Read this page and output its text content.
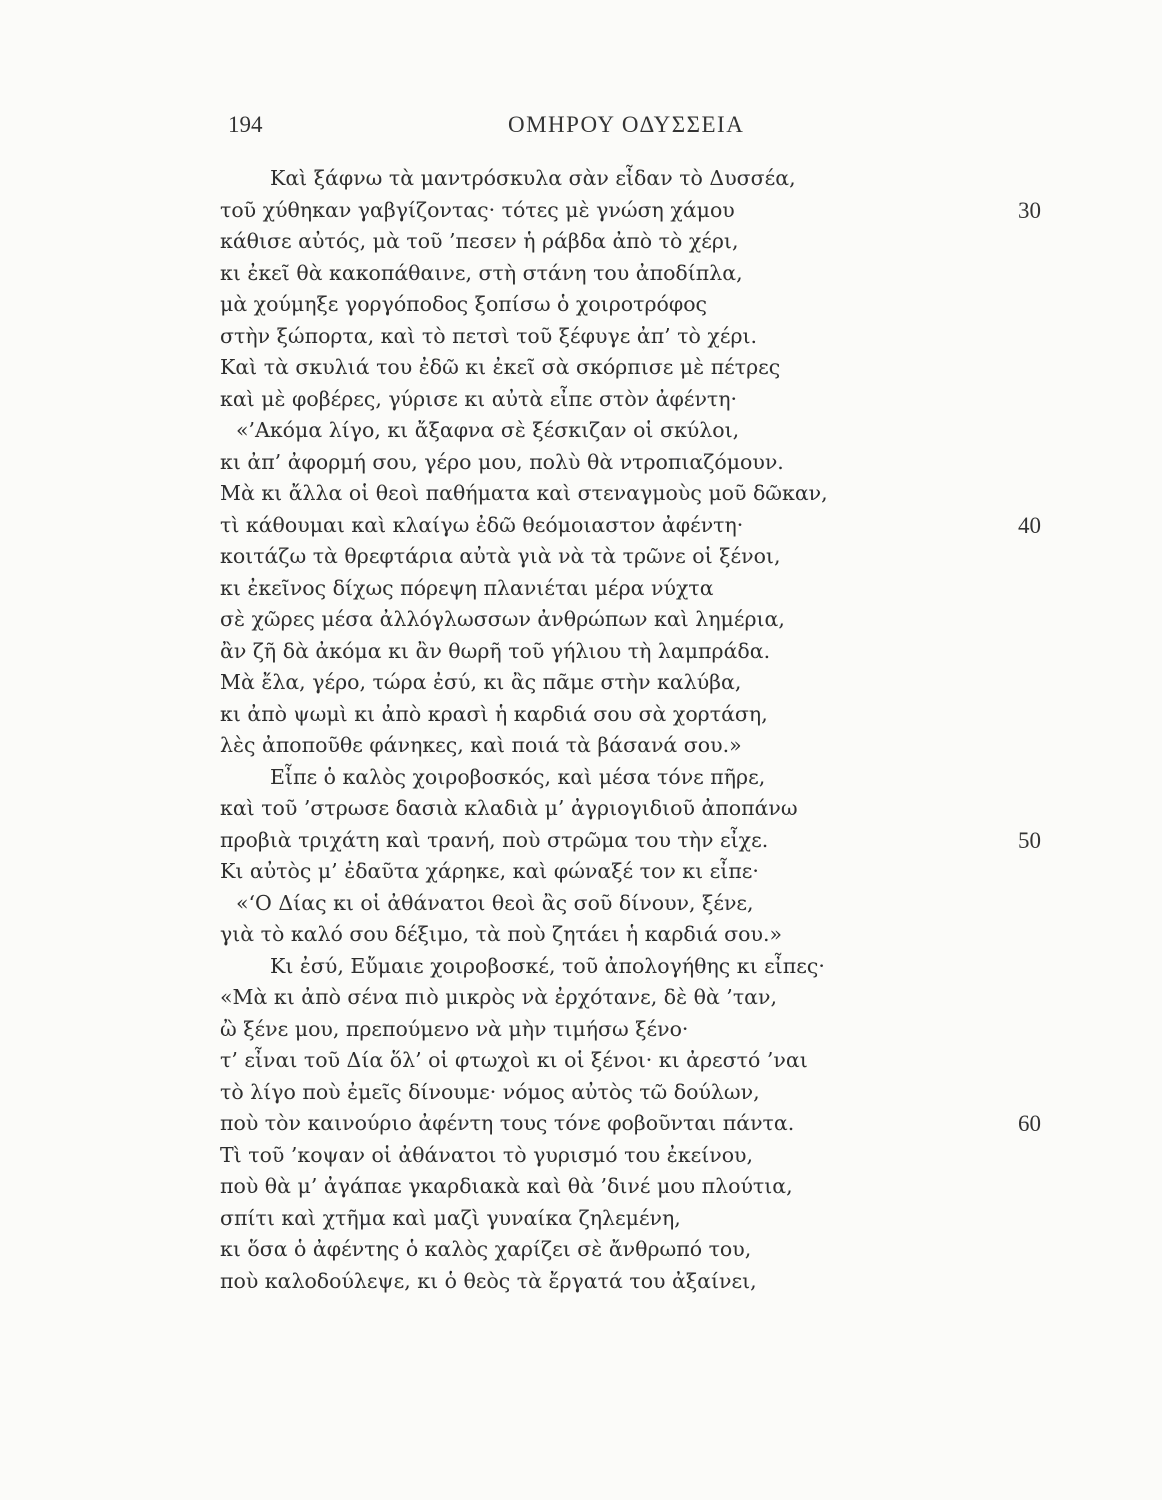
194	ΟΜΗΡΟΥ ΟΔΥΣΣΕΙΑ
Καὶ ξάφνω τὰ μαντρόσκυλα σὰν εἶδαν τὸ Δυσσέα,
τοῦ χύθηκαν γαβγίζοντας· τότες μὲ γνώση χάμου	30
κάθισε αὐτός, μὰ τοῦ ’πεσεν ἡ ράβδα ἀπὸ τὸ χέρι,
κι ἐκεῖ θὰ κακοπάθαινε, στὴ στάνη του ἀποδίπλα,
μὰ χούμηξε γοργόποδος ξοπίσω ὁ χοιροτρόφος
στὴν ξώπορτα, καὶ τὸ πετσὶ τοῦ ξέφυγε ἀπ’ τὸ χέρι.
Καὶ τὰ σκυλιά του ἐδῶ κι ἐκεῖ σὰ σκόρπισε μὲ πέτρες
καὶ μὲ φοβέρες, γύρισε κι αὐτὰ εἶπε στὸν ἀφέντη·
«’Ακόμα λίγο, κι ἄξαφνα σὲ ξέσκιζαν οἱ σκύλοι,
κι ἀπ’ ἀφορμή σου, γέρο μου, πολὺ θὰ ντροπιαζόμουν.
Μὰ κι ἄλλα οἱ θεοὶ παθήματα καὶ στεναγμοὺς μοῦ δῶκαν,
τὶ κάθουμαι καὶ κλαίγω ἐδῶ θεόμοιαστον ἀφέντη·	40
κοιτάζω τὰ θρεφτάρια αὐτὰ γιὰ νὰ τὰ τρῶνε οἱ ξένοι,
κι ἐκεῖνος δίχως πόρεψη πλανιέται μέρα νύχτα
σὲ χῶρες μέσα ἀλλόγλωσσων ἀνθρώπων καὶ λημέρια,
ἂν ζῆ δὰ ἀκόμα κι ἂν θωρῆ τοῦ γήλιου τὴ λαμπράδα.
Μὰ ἔλα, γέρο, τώρα ἐσύ, κι ἂς πᾶμε στὴν καλύβα,
κι ἀπὸ ψωμὶ κι ἀπὸ κρασὶ ἡ καρδιά σου σὰ χορτάση,
λὲς ἀποποῦθε φάνηκες, καὶ ποιά τὰ βάσανά σου.»
Εἶπε ὁ καλὸς χοιροβοσκός, καὶ μέσα τόνε πῆρε,
καὶ τοῦ ’στρωσε δασιὰ κλαδιὰ μ’ ἀγριογιδιοῦ ἀποπάνω
προβιὰ τριχάτη καὶ τρανή, ποὺ στρῶμα του τὴν εἶχε.	50
Κι αὐτὸς μ’ ἐδαῦτα χάρηκε, καὶ φώναξέ τον κι εἶπε·
«‘Ο Δίας κι οἱ ἀθάνατοι θεοὶ ἂς σοῦ δίνουν, ξένε,
γιὰ τὸ καλό σου δέξιμο, τὰ ποὺ ζητάει ἡ καρδιά σου.»
Κι ἐσύ, Εὔμαιε χοιροβοσκέ, τοῦ ἀπολογήθης κι εἶπες·
«Μὰ κι ἀπὸ σένα πιὸ μικρὸς νὰ ἐρχότανε, δὲ θὰ ’ταν,
ὢ ξένε μου, πρεπούμενο νὰ μὴν τιμήσω ξένο·
τ’ εἶναι τοῦ Δία ὅλ’ οἱ φτωχοὶ κι οἱ ξένοι· κι ἀρεστό ’ναι
τὸ λίγο ποὺ ἐμεῖς δίνουμε· νόμος αὐτὸς τῶ δούλων,
ποὺ τὸν καινούριο ἀφέντη τους τόνε φοβοῦνται πάντα.	60
Τὶ τοῦ ’κοψαν οἱ ἀθάνατοι τὸ γυρισμό του ἐκείνου,
ποὺ θὰ μ’ ἀγάπαε γκαρδιακὰ καὶ θὰ ’δινέ μου πλούτια,
σπίτι καὶ χτῆμα καὶ μαζὶ γυναίκα ζηλεμένη,
κι ὅσα ὁ ἀφέντης ὁ καλὸς χαρίζει σὲ ἄνθρωπό του,
ποὺ καλοδούλεψε, κι ὁ θεὸς τὰ ἔργατά του ἀξαίνει,
